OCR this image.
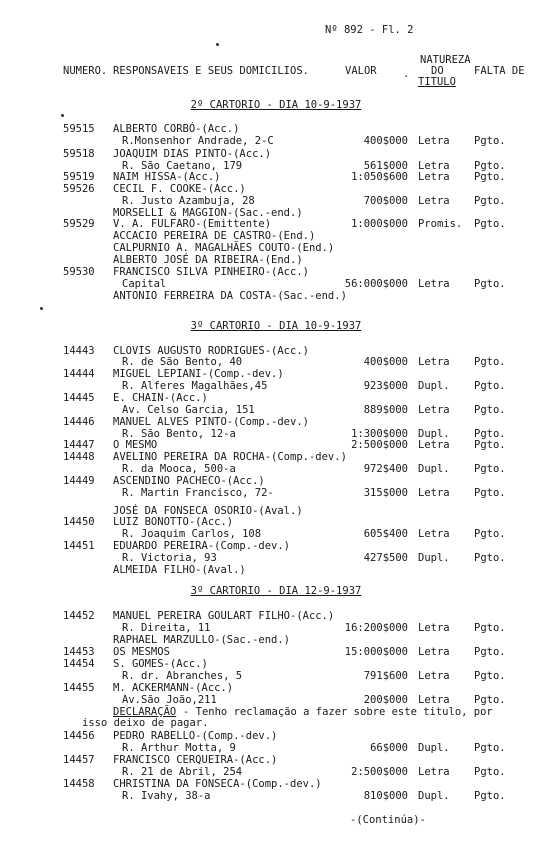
Nº 892 - Fl. 2
NUMERO. RESPONSAVEIS E SEUS DOMICILIOS.	VALOR	.
NATUREZA
DO
TITULO
FALTA DE
2º CARTORIO - DIA 10-9-1937
3º CARTORIO - DIA 10-9-1937
3º CARTORIO - DIA 12-9-1937
59515 ALBERTO CORBÓ-(Acc.)
R.Monsenhor Andrade, 2-C	400$000 Letra Pgto.
59518 JOAQUIM DIAS PINTO-(Acc.)
R. São Caetano, 179	561$000 Letra Pgto.
59519 NAIM HISSA-(Acc.)	1:050$600 Letra Pgto.
59526 CECIL F. COOKE-(Acc.)
R. Justo Azambuja, 28	700$000 Letra Pgto.
MORSELLI & MAGGION-(Sac.-end.)
59529 V. A. FULFARO-(Emittente)	1:000$000 Promis. Pgto.
ACCACIO PEREIRA DE CASTRO-(End.)
CALPURNIO A. MAGALHÃES COUTO-(End.)
ALBERTO JOSÉ DA RIBEIRA-(End.)
59530 FRANCISCO SILVA PINHEIRO-(Acc.)
Capital	56:000$000 Letra Pgto.
ANTONIO FERREIRA DA COSTA-(Sac.-end.)
14443 CLOVIS AUGUSTO RODRIGUES-(Acc.)
R. de São Bento, 40	400$000 Letra Pgto.
14444 MIGUEL LEPIANI-(Comp.-dev.)
R. Alferes Magalhães,45	923$000 Dupl. Pgto.
14445 E. CHAIN-(Acc.)
Av. Celso Garcia, 151	889$000 Letra Pgto.
14446 MANUEL ALVES PINTO-(Comp.-dev.)
R. São Bento, 12-a	1:300$000 Dupl. Pgto.
14447 O MESMO	2:500$000 Letra Pgto.
14448 AVELINO PEREIRA DA ROCHA-(Comp.-dev.)
R. da Mooca, 500-a	972$400 Dupl. Pgto.
14449 ASCENDINO PACHECO-(Acc.)
R. Martin Francisco, 72-	315$000 Letra Pgto.
JOSÉ DA FONSECA OSORIO-(Aval.)
14450 LUIZ BONOTTO-(Acc.)
R. Joaquim Carlos, 108	605$400 Letra Pgto.
14451 EDUARDO PEREIRA-(Comp.-dev.)
R. Victoria, 93	427$500 Dupl. Pgto.
ALMEIDA FILHO-(Aval.)
14452 MANUEL PEREIRA GOULART FILHO-(Acc.)
R. Direita, 11	16:200$000 Letra Pgto.
RAPHAEL MARZULLO-(Sac.-end.)
14453 OS MESMOS	15:000$000 Letra Pgto.
14454 S. GOMES-(Acc.)
R. dr. Abranches, 5	791$600 Letra Pgto.
14455 M. ACKERMANN-(Acc.)
Av.São João,211	200$000 Letra Pgto.
DECLARAÇÃO - Tenho reclamação a fazer sobre este titulo, por
isso deixo de pagar.
14456 PEDRO RABELLO-(Comp.-dev.)
R. Arthur Motta, 9	66$000 Dupl. Pgto.
14457 FRANCISCO CERQUEIRA-(Acc.)
R. 21 de Abril, 254	2:500$000 Letra Pgto.
14458 CHRISTINA DA FONSECA-(Comp.-dev.)
R. Ivahy, 38-a	810$000 Dupl. Pgto.
-(Continúa)-
